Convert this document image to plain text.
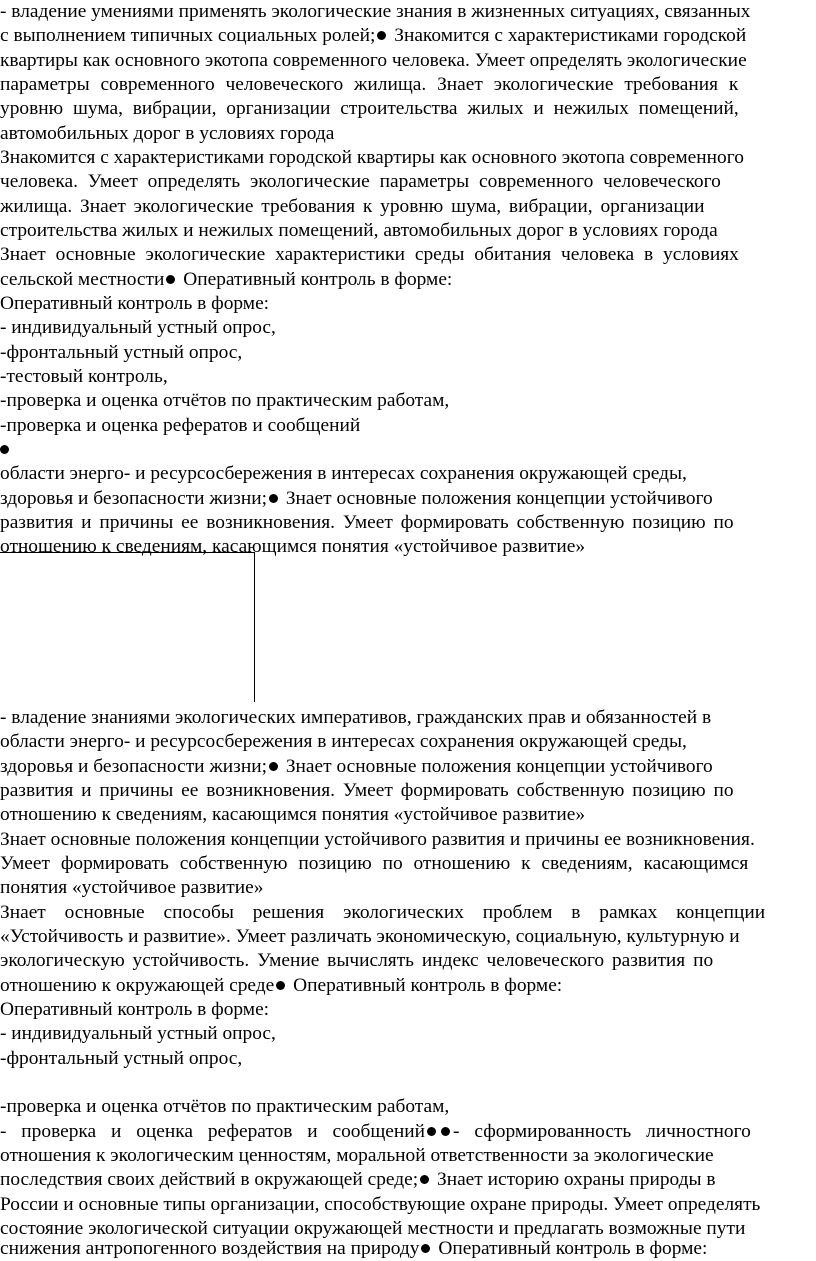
- владение умениями применять экологические знания в жизненных ситуациях, связанных
с выполнением типичных социальных ролей; Знакомится с характеристиками городской
квартиры как основного экотопа современного человека. Умеет определять экологические
параметры современного человеческого жилища. Знает экологические требования к
уровню шума, вибрации, организации строительства жилых и нежилых помещений,
автомобильных дорог в условиях города
Знакомится с характеристиками городской квартиры как основного экотопа современного
человека. Умеет определять экологические параметры современного человеческого
жилища. Знает экологические требования к уровню шума, вибрации, организации
строительства жилых и нежилых помещений, автомобильных дорог в условиях города
Знает основные экологические характеристики среды обитания человека в условиях
сельской местности Оперативный контроль в форме:
Оперативный контроль в форме:
- индивидуальный устный опрос,
-фронтальный устный опрос,
-тестовый контроль,
-проверка и оценка отчётов по практическим работам,
-проверка и оценка рефератов и сообщений
области энерго- и ресурсосбережения в интересах сохранения окружающей среды,
здоровья и безопасности жизни; Знает основные положения концепции устойчивого
развития и причины ее возникновения. Умеет формировать собственную позицию по
отношению к сведениям, касающимся понятия «устойчивое развитие»
- владение знаниями экологических императивов, гражданских прав и обязанностей в
области энерго- и ресурсосбережения в интересах сохранения окружающей среды,
здоровья и безопасности жизни; Знает основные положения концепции устойчивого
развития и причины ее возникновения. Умеет формировать собственную позицию по
отношению к сведениям, касающимся понятия «устойчивое развитие»
Знает основные положения концепции устойчивого развития и причины ее возникновения.
Умеет формировать собственную позицию по отношению к сведениям, касающимся
понятия «устойчивое развитие»
Знает основные способы решения экологических проблем в рамках концепции
«Устойчивость и развитие». Умеет различать экономическую, социальную, культурную и
экологическую устойчивость. Умение вычислять индекс человеческого развития по
отношению к окружающей среде Оперативный контроль в форме:
Оперативный контроль в форме:
- индивидуальный устный опрос,
-фронтальный устный опрос,
-проверка и оценка отчётов по практическим работам,
- проверка и оценка рефератов и сообщений - сформированность личностного
отношения к экологическим ценностям, моральной ответственности за экологические
последствия своих действий в окружающей среде; Знает историю охраны природы в
России и основные типы организации, способствующие охране природы. Умеет определять
состояние экологической ситуации окружающей местности и предлагать возможные пути
снижения антропогенного воздействия на природу Оперативный контроль в форме:
